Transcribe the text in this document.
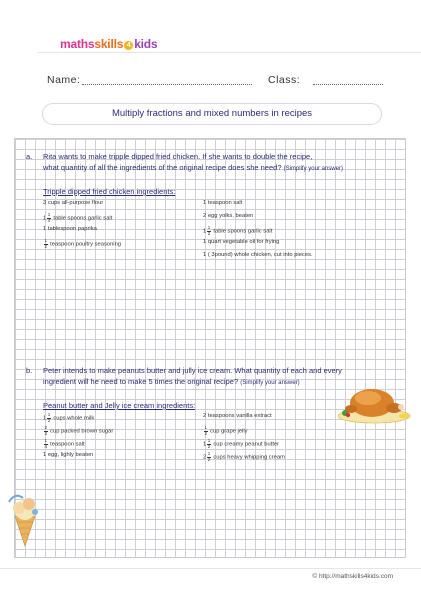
mathsskills 4 kids
Name:	Class:
Multiply fractions and mixed numbers in recipes
a. Rita wants to make tripple dipped fried chicken. If she wants to double the recipe,
what quantity of all the ingredients of the original recipe does she need? (Simplify your answer)
Tripple dipped fried chicken ingredients:
3 cups all-purpose flour
$1 \frac{1}{4}$ table spoons garlic salt
1 tablespoon paprika
$\frac{1}{2}$ teaspoon poultry seasoning
1 teaspoon salt
2 egg yolks, beaten
$1 \frac{1}{2}$ table spoons garlic salt
1 quart vegetable oil for frying
1 ( 3pound) whole chicken, cut into pieces.
b. Peter intends to make peanuts butter and jully ice cream. What quantity of each and every
ingredient will he need to make 5 times the original recipe? (Simplify your answer)
Peanut butter and Jelly ice cream ingredients:
$1 \frac{1}{2}$ cups whole milk
$\frac{2}{3}$ cup packed brown sugar
$\frac{1}{4}$ teaspoon salt
1 egg, lighly beaten
2 teaspoons vanilla extract
$\frac{1}{2}$ cup grape jelly
$1 \frac{1}{2}$ cup creamy peanut butter
$2 \frac{1}{2}$ cups heavy whipping cream
© http://mathskills4kids.com
